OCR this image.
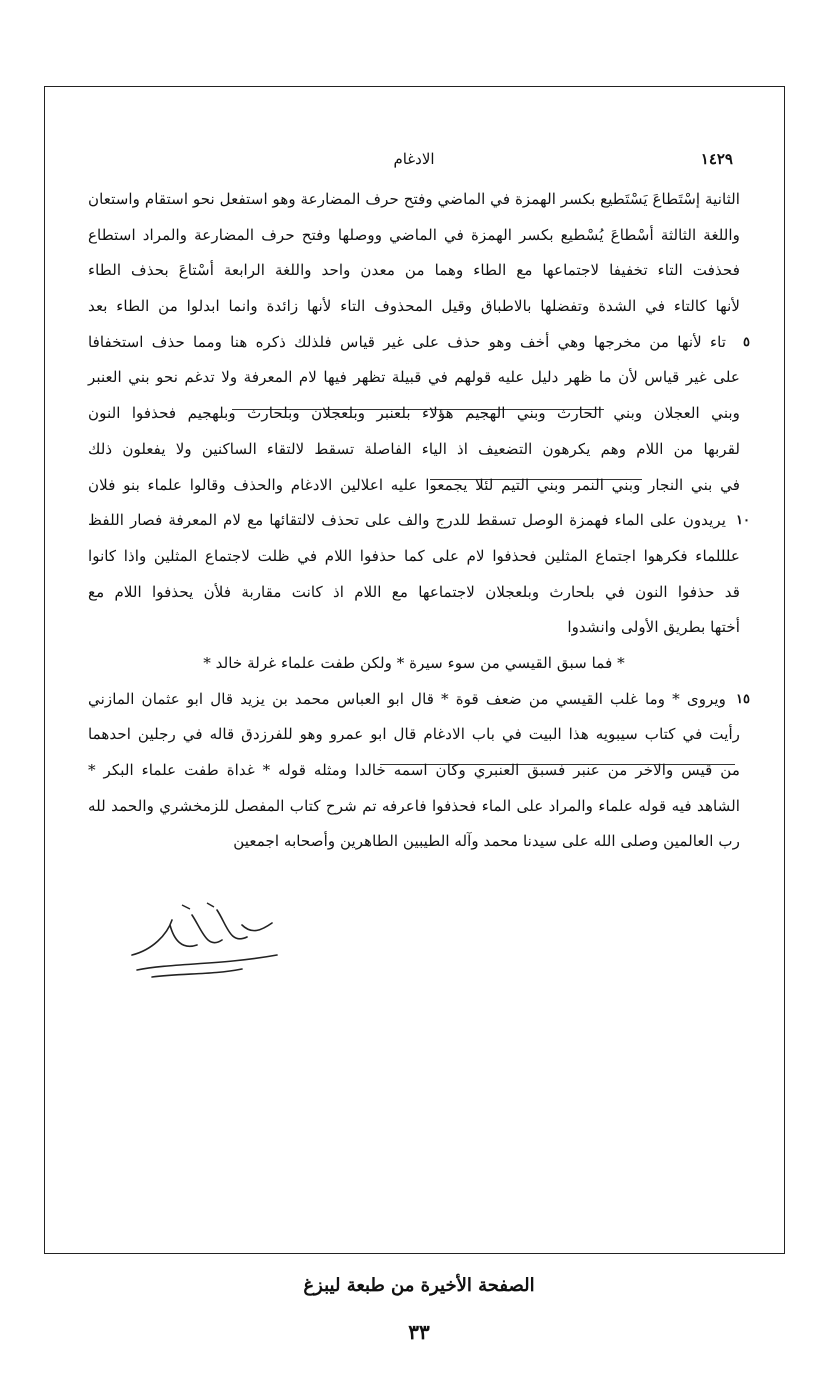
الادغام	١٤٢٩
الثانية إسْتَطاعَ يَسْتَطيع بكسر الهمزة في الماضي وفتح حرف المضارعة وهو استفعل نحو استقام واستعان
واللغة الثالثة أسْطاعَ يُسْطيع بكسر الهمزة في الماضي ووصلها وفتح حرف المضارعة والمراد استطاع
فحذفت التاء تخفيفا لاجتماعها مع الطاء وهما من معدن واحد واللغة الرابعة أسْتاعَ بحذف الطاء
لأنها كالتاء في الشدة وتفضلها بالاطباق وقيل المحذوف التاء لأنها زائدة وانما ابدلوا من الطاء بعد
٥
تاء لأنها من مخرجها وهي أخف وهو حذف على غير قياس فلذلك ذكره هنا ومما حذف استخفافا
على غير قياس لأن ما ظهر دليل عليه قولهم في قبيلة تظهر فيها لام المعرفة ولا تدغم نحو بني العنبر
وبني العجلان وبني الحارث وبني الهجيم هؤلاء بلعنبر وبلعجلان وبلحارث وبلهجيم فحذفوا النون
لقربها من اللام وهم يكرهون التضعيف اذ الياء الفاصلة تسقط لالتقاء الساكنين ولا يفعلون ذلك
في بني النجار وبني النمر وبني التيم لئلا يجمعوا عليه اعلالين الادغام والحذف وقالوا علماء بنو فلان
١٠
يريدون على الماء فهمزة الوصل تسقط للدرج والف على تحذف لالتقائها مع لام المعرفة فصار اللفظ
علللماء فكرهوا اجتماع المثلين فحذفوا لام على كما حذفوا اللام في ظلت لاجتماع المثلين واذا كانوا
قد حذفوا النون في بلحارث وبلعجلان لاجتماعها مع اللام اذ كانت مقاربة فلأن يحذفوا اللام مع
أختها بطريق الأولى وانشدوا
* فما سبق القيسي من سوء سيرة * ولكن طفت علماء غرلة خالد *
١٥
ويروى * وما غلب القيسي من ضعف قوة * قال ابو العباس محمد بن يزيد قال ابو عثمان المازني
رأيت في كتاب سيبويه هذا البيت في باب الادغام قال ابو عمرو وهو للفرزدق قاله في رجلين احدهما
من قيس والاخر من عنبر فسبق العنبري وكان اسمه خالدا ومثله قوله * غداة طفت علماء البكر *
الشاهد فيه قوله علماء والمراد على الماء فحذفوا فاعرفه تم شرح كتاب المفصل للزمخشري والحمد لله
رب العالمين وصلى الله على سيدنا محمد وآله الطيبين الطاهرين وأصحابه اجمعين
الصفحة الأخيرة من طبعة ليبزغ
٣٣
